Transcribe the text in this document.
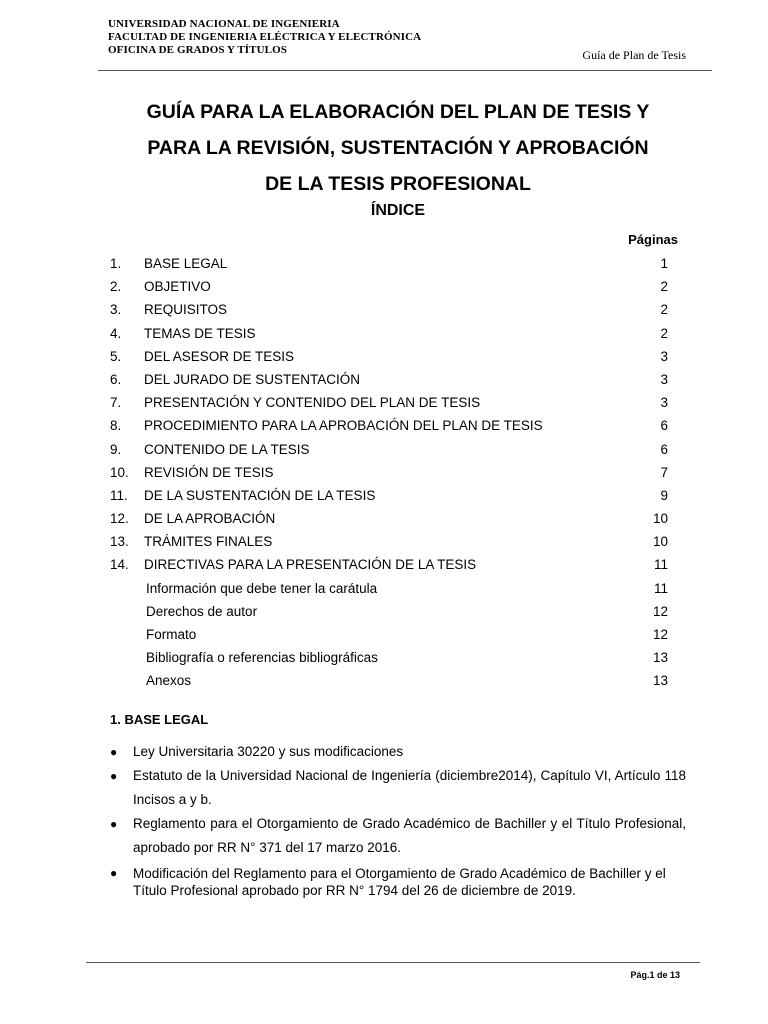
UNIVERSIDAD NACIONAL DE INGENIERIA

FACULTAD DE INGENIERIA ELÉCTRICA Y ELECTRÓNICA

OFICINA DE GRADOS Y TÍTULOS	Guía de Plan de Tesis
GUÍA PARA LA ELABORACIÓN DEL PLAN DE TESIS Y
PARA LA REVISIÓN, SUSTENTACIÓN Y APROBACIÓN
DE LA TESIS PROFESIONAL
ÍNDICE
Páginas
1. BASE LEGAL	1
2. OBJETIVO	2
3. REQUISITOS	2
4. TEMAS DE TESIS	2
5. DEL ASESOR DE TESIS	3
6. DEL JURADO DE SUSTENTACIÓN	3
7. PRESENTACIÓN Y CONTENIDO DEL PLAN DE TESIS	3
8. PROCEDIMIENTO PARA LA APROBACIÓN DEL PLAN DE TESIS	6
9. CONTENIDO DE LA TESIS	6
10. REVISIÓN DE TESIS	7
11. DE LA SUSTENTACIÓN DE LA TESIS	9
12. DE LA APROBACIÓN	10
13. TRÁMITES FINALES	10
14. DIRECTIVAS PARA LA PRESENTACIÓN DE LA TESIS	11
Información que debe tener la carátula	11
Derechos de autor	12
Formato	12
Bibliografía o referencias bibliográficas	13
Anexos	13
1. BASE LEGAL
● Ley Universitaria 30220 y sus modificaciones
● Estatuto de la Universidad Nacional de Ingeniería (diciembre2014), Capítulo VI, Artículo 118 Incisos a y b.
● Reglamento para el Otorgamiento de Grado Académico de Bachiller y el Título Profesional, aprobado por RR N° 371 del 17 marzo 2016.
● Modificación del Reglamento para el Otorgamiento de Grado Académico de Bachiller y el Título Profesional aprobado por RR N° 1794 del 26 de diciembre de 2019.
Pág.1 de 13
